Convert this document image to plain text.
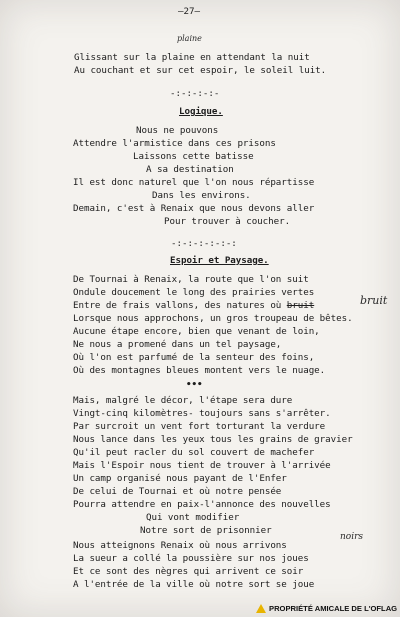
—27—
plaine
Glissant sur la plaine en attendant la nuit
Au couchant et sur cet espoir, le soleil luit.
-:-:-:-:-
Logique.
Nous ne pouvons
Attendre l'armistice dans ces prisons
Laissons cette batisse
A sa destination
Il est donc naturel que l'on nous répartisse
Dans les environs.
Demain, c'est à Renaix que nous devons aller
Pour trouver à coucher.
-:-:-:-:-:-:
Espoir et Paysage.
De Tournai à Renaix, la route que l'on suit
Ondule doucement le long des prairies vertes
Entre de frais vallons, des natures où bruit	bruit
Lorsque nous approchons, un gros troupeau de bêtes.
Aucune étape encore, bien que venant de loin,
Ne nous a promené dans un tel paysage,
Où l'on est parfumé de la senteur des foins,
Où des montagnes bleues montent vers le nuage.
•••
Mais, malgré le décor, l'étape sera dure
Vingt-cinq kilomètres- toujours sans s'arrêter.
Par surcroit un vent fort torturant la verdure
Nous lance dans les yeux tous les grains de gravier
Qu'il peut racler du sol couvert de machefer
Mais l'Espoir nous tient de trouver à l'arrivée
Un camp organisé nous payant de l'Enfer
De celui de Tournai et où notre pensée
Pourra attendre en paix-l'annonce des nouvelles
Qui vont modifier
Notre sort de prisonnier
Nous atteignons Renaix où nous arrivons
noirs
La sueur a collé la poussière sur nos joues
Et ce sont des nègres qui arrivent ce soir
A l'entrée de la ville où notre sort se joue
PROPRIÉTÉ AMICALE DE L'OFLAG
